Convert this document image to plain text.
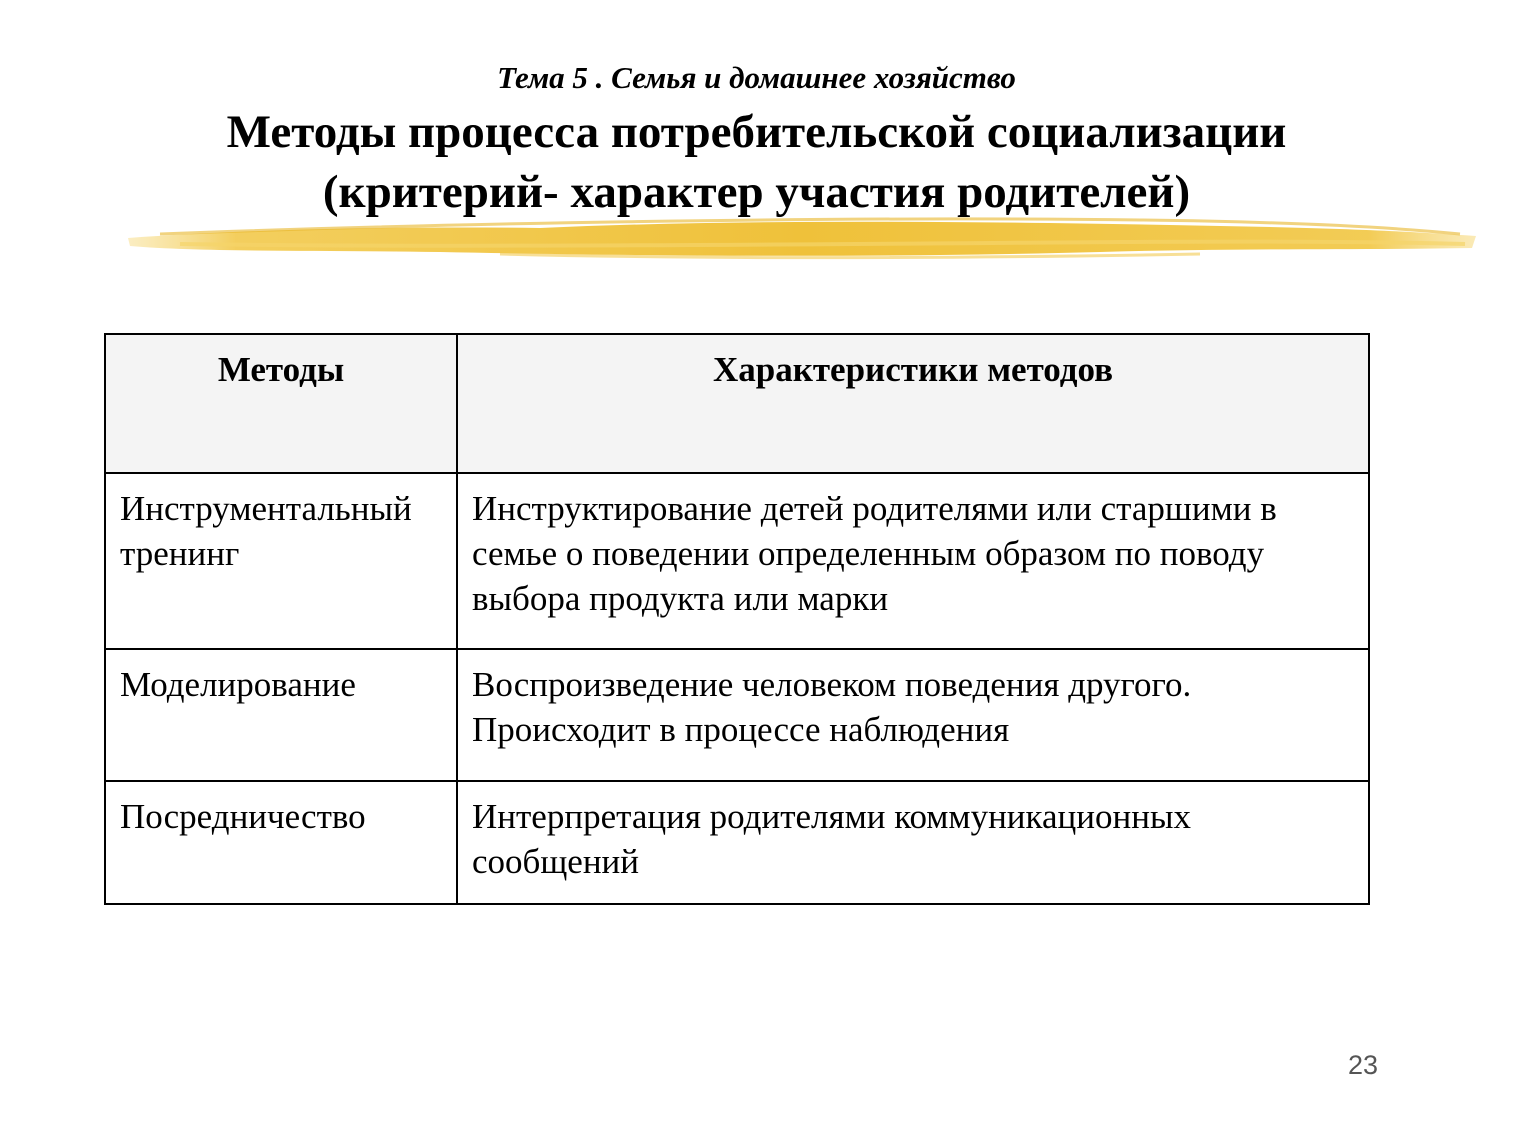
Тема 5 . Семья и домашнее хозяйство
Методы процесса потребительской социализации
(критерий- характер участия родителей)
Методы	Характеристики методов
Инструментальный тренинг	Инструктирование детей родителями или старшими в семье о поведении определенным образом по поводу выбора продукта или марки
Моделирование	Воспроизведение человеком поведения другого. Происходит в процессе наблюдения
Посредничество	Интерпретация родителями коммуникационных сообщений
23
